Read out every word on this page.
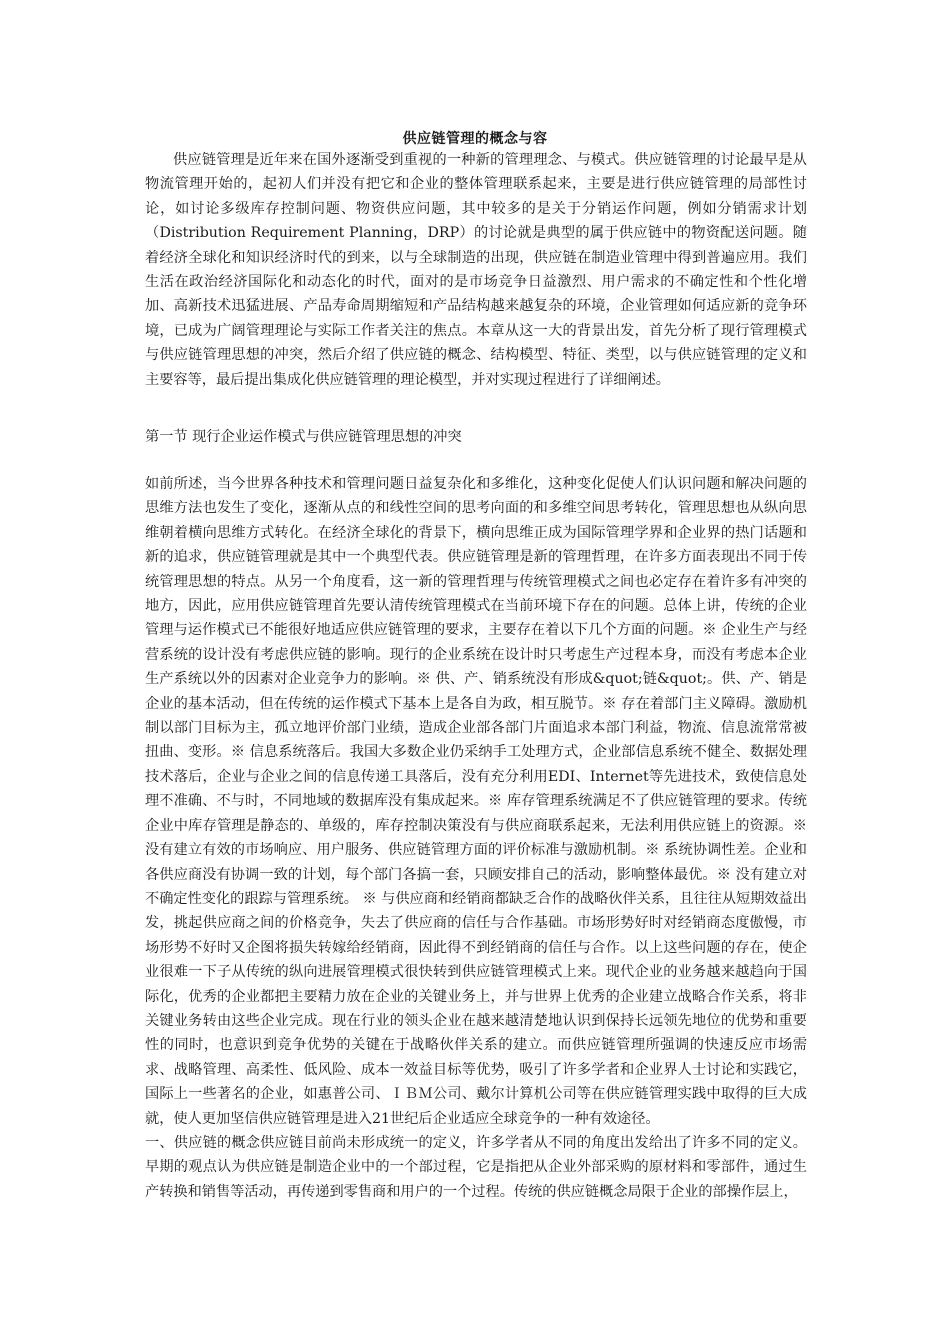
供应链管理的概念与容

供应链管理是近年来在国外逐渐受到重视的一种新的管理理念、与模式。供应链管理的讨论最早是从物流管理开始的，起初人们并没有把它和企业的整体管理联系起来，主要是进行供应链管理的局部性讨论，如讨论多级库存控制问题、物资供应问题，其中较多的是关于分销运作问题，例如分销需求计划（Distribution Requirement Planning，DRP）的讨论就是典型的属于供应链中的物资配送问题。随着经济全球化和知识经济时代的到来，以与全球制造的出现，供应链在制造业管理中得到普遍应用。我们生活在政治经济国际化和动态化的时代，面对的是市场竞争日益激烈、用户需求的不确定性和个性化增加、高新技术迅猛进展、产品寿命周期缩短和产品结构越来越复杂的环境，企业管理如何适应新的竞争环境，已成为广阔管理理论与实际工作者关注的焦点。本章从这一大的背景出发，首先分析了现行管理模式与供应链管理思想的冲突，然后介绍了供应链的概念、结构模型、特征、类型，以与供应链管理的定义和主要容等，最后提出集成化供应链管理的理论模型，并对实现过程进行了详细阐述。

第一节 现行企业运作模式与供应链管理思想的冲突

如前所述，当今世界各种技术和管理问题日益复杂化和多维化，这种变化促使人们认识问题和解决问题的思维方法也发生了变化，逐渐从点的和线性空间的思考向面的和多维空间思考转化，管理思想也从纵向思维朝着横向思维方式转化。在经济全球化的背景下，横向思维正成为国际管理学界和企业界的热门话题和新的追求，供应链管理就是其中一个典型代表。供应链管理是新的管理哲理，在许多方面表现出不同于传统管理思想的特点。从另一个角度看，这一新的管理哲理与传统管理模式之间也必定存在着许多有冲突的地方，因此，应用供应链管理首先要认清传统管理模式在当前环境下存在的问题。总体上讲，传统的企业管理与运作模式已不能很好地适应供应链管理的要求，主要存在着以下几个方面的问题。※ 企业生产与经营系统的设计没有考虑供应链的影响。现行的企业系统在设计时只考虑生产过程本身，而没有考虑本企业生产系统以外的因素对企业竞争力的影响。※ 供、产、销系统没有形成&quot;链&quot;。供、产、销是企业的基本活动，但在传统的运作模式下基本上是各自为政，相互脱节。※ 存在着部门主义障碍。激励机制以部门目标为主，孤立地评价部门业绩，造成企业部各部门片面追求本部门利益，物流、信息流常常被扭曲、变形。※ 信息系统落后。我国大多数企业仍采纳手工处理方式，企业部信息系统不健全、数据处理技术落后，企业与企业之间的信息传递工具落后，没有充分利用EDI、Internet等先进技术，致使信息处理不准确、不与时，不同地域的数据库没有集成起来。※ 库存管理系统满足不了供应链管理的要求。传统企业中库存管理是静态的、单级的，库存控制决策没有与供应商联系起来，无法利用供应链上的资源。※ 没有建立有效的市场响应、用户服务、供应链管理方面的评价标准与激励机制。※ 系统协调性差。企业和各供应商没有协调一致的计划，每个部门各搞一套，只顾安排自己的活动，影响整体最优。※ 没有建立对不确定性变化的跟踪与管理系统。 ※ 与供应商和经销商都缺乏合作的战略伙伴关系，且往往从短期效益出发，挑起供应商之间的价格竞争，失去了供应商的信任与合作基础。市场形势好时对经销商态度傲慢，市场形势不好时又企图将损失转嫁给经销商，因此得不到经销商的信任与合作。以上这些问题的存在，使企业很难一下子从传统的纵向进展管理模式很快转到供应链管理模式上来。现代企业的业务越来越趋向于国际化，优秀的企业都把主要精力放在企业的关键业务上，并与世界上优秀的企业建立战略合作关系，将非关键业务转由这些企业完成。现在行业的领头企业在越来越清楚地认识到保持长远领先地位的优势和重要性的同时，也意识到竞争优势的关键在于战略伙伴关系的建立。而供应链管理所强调的快速反应市场需求、战略管理、高柔性、低风险、成本一效益目标等优势，吸引了许多学者和企业界人士讨论和实践它，国际上一些著名的企业，如惠普公司、ＩＢＭ公司、戴尔计算机公司等在供应链管理实践中取得的巨大成就，使人更加坚信供应链管理是进入21世纪后企业适应全球竞争的一种有效途径。
一、供应链的概念供应链目前尚未形成统一的定义，许多学者从不同的角度出发给出了许多不同的定义。早期的观点认为供应链是制造企业中的一个部过程，它是指把从企业外部采购的原材料和零部件，通过生产转换和销售等活动，再传递到零售商和用户的一个过程。传统的供应链概念局限于企业的部操作层上，
